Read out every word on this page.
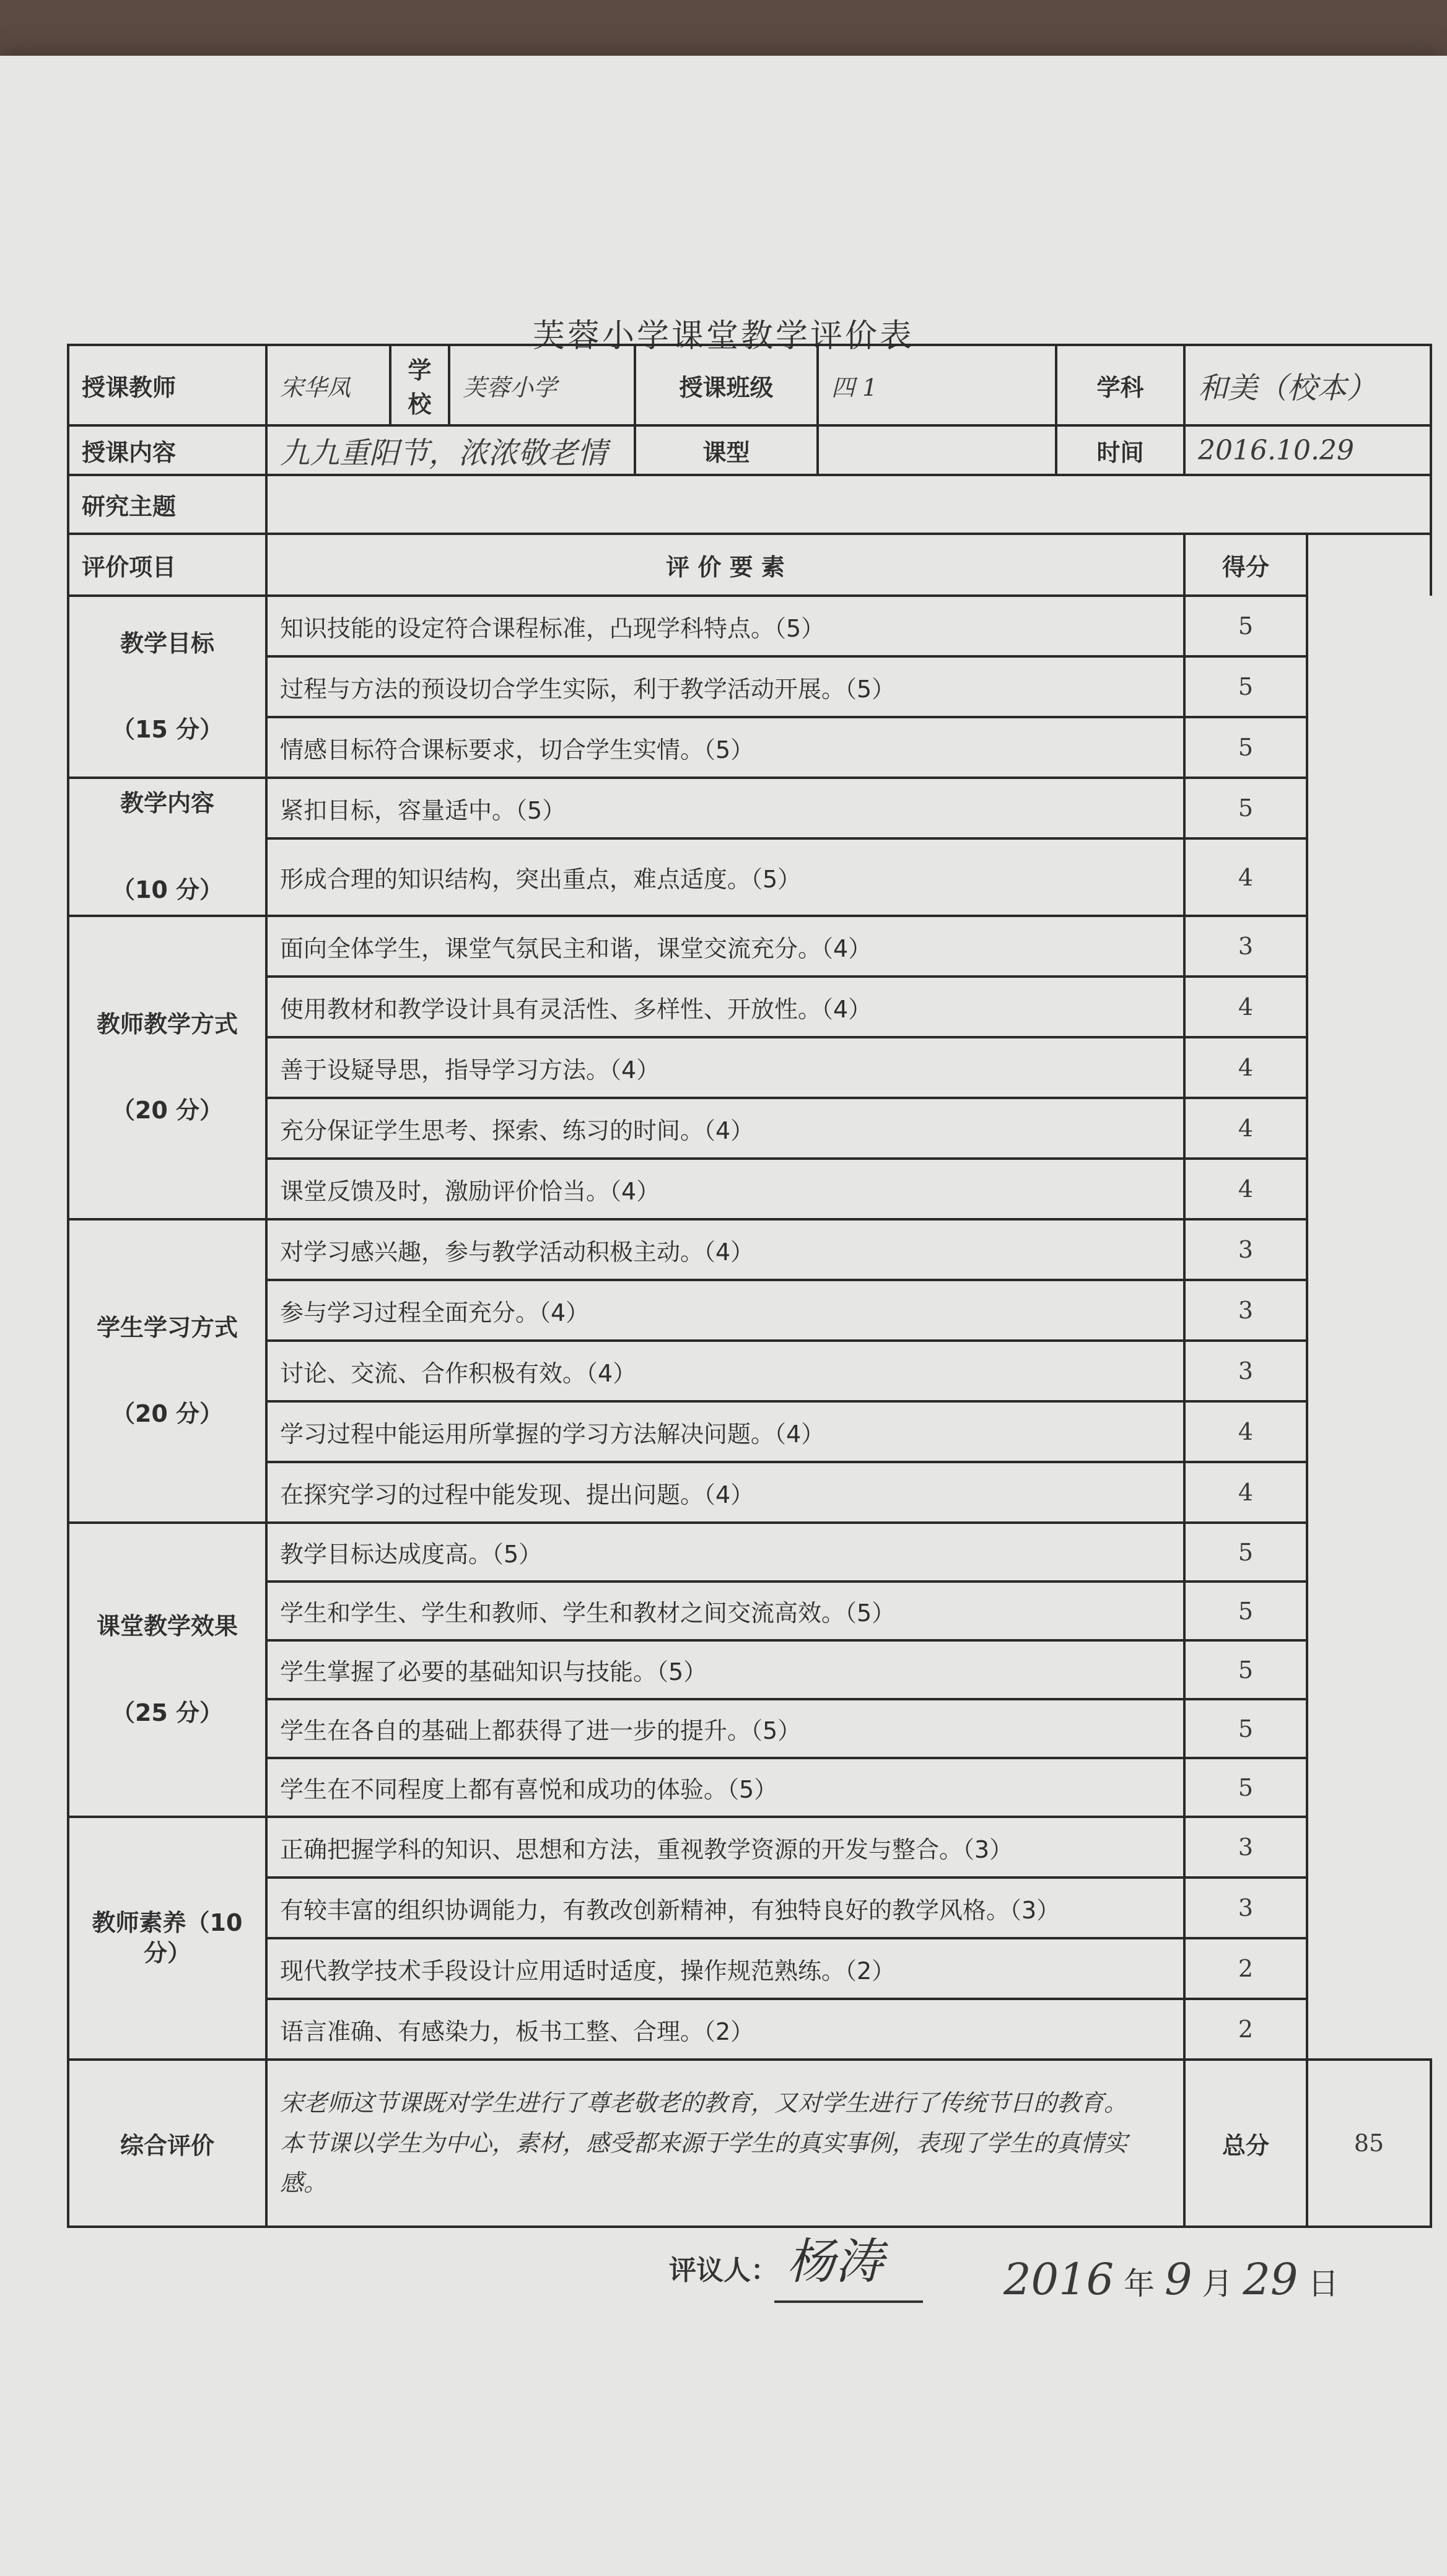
芙蓉小学课堂教学评价表
授课教师	宋华凤	学校	芙蓉小学	授课班级	四 1	学科	和美（校本）	
授课内容	九九重阳节，浓浓敬老情			课型		时间	2016.10.29	
研究主题								
评价项目	评 价 要 素						得分	
教学目标
（15 分）	知识技能的设定符合课程标准，凸现学科特点。（5）						5	
	过程与方法的预设切合学生实际，利于教学活动开展。（5）						5	
	情感目标符合课标要求，切合学生实情。（5）						5	
教学内容
（10 分）	紧扣目标，容量适中。（5）						5	
	形成合理的知识结构，突出重点，难点适度。（5）						4	
教师教学方式
（20 分）	面向全体学生，课堂气氛民主和谐，课堂交流充分。（4）						3	
	使用教材和教学设计具有灵活性、多样性、开放性。（4）						4	
	善于设疑导思，指导学习方法。（4）						4	
	充分保证学生思考、探索、练习的时间。（4）						4	
	课堂反馈及时，激励评价恰当。（4）						4	
学生学习方式
（20 分）	对学习感兴趣，参与教学活动积极主动。（4）						3	
	参与学习过程全面充分。（4）						3	
	讨论、交流、合作积极有效。（4）						3	
	学习过程中能运用所掌握的学习方法解决问题。（4）						4	
	在探究学习的过程中能发现、提出问题。（4）						4	
课堂教学效果
（25 分）	教学目标达成度高。（5）						5	
	学生和学生、学生和教师、学生和教材之间交流高效。（5）						5	
	学生掌握了必要的基础知识与技能。（5）						5	
	学生在各自的基础上都获得了进一步的提升。（5）						5	
	学生在不同程度上都有喜悦和成功的体验。（5）						5	
教师素养（10 分）	正确把握学科的知识、思想和方法，重视教学资源的开发与整合。（3）						3	
	有较丰富的组织协调能力，有教改创新精神，有独特良好的教学风格。（3）						3	
	现代教学技术手段设计应用适时适度，操作规范熟练。（2）						2	
	语言准确、有感染力，板书工整、合理。（2）						2	
综合评价	宋老师这节课既对学生进行了尊老敬老的教育，又对学生进行了传统节日的教育。
本节课以学生为中心，素材，感受都来源于学生的真实事例，表现了学生的真情实感。						总分	85
评议人： 杨涛	2016 年 9 月 29 日
